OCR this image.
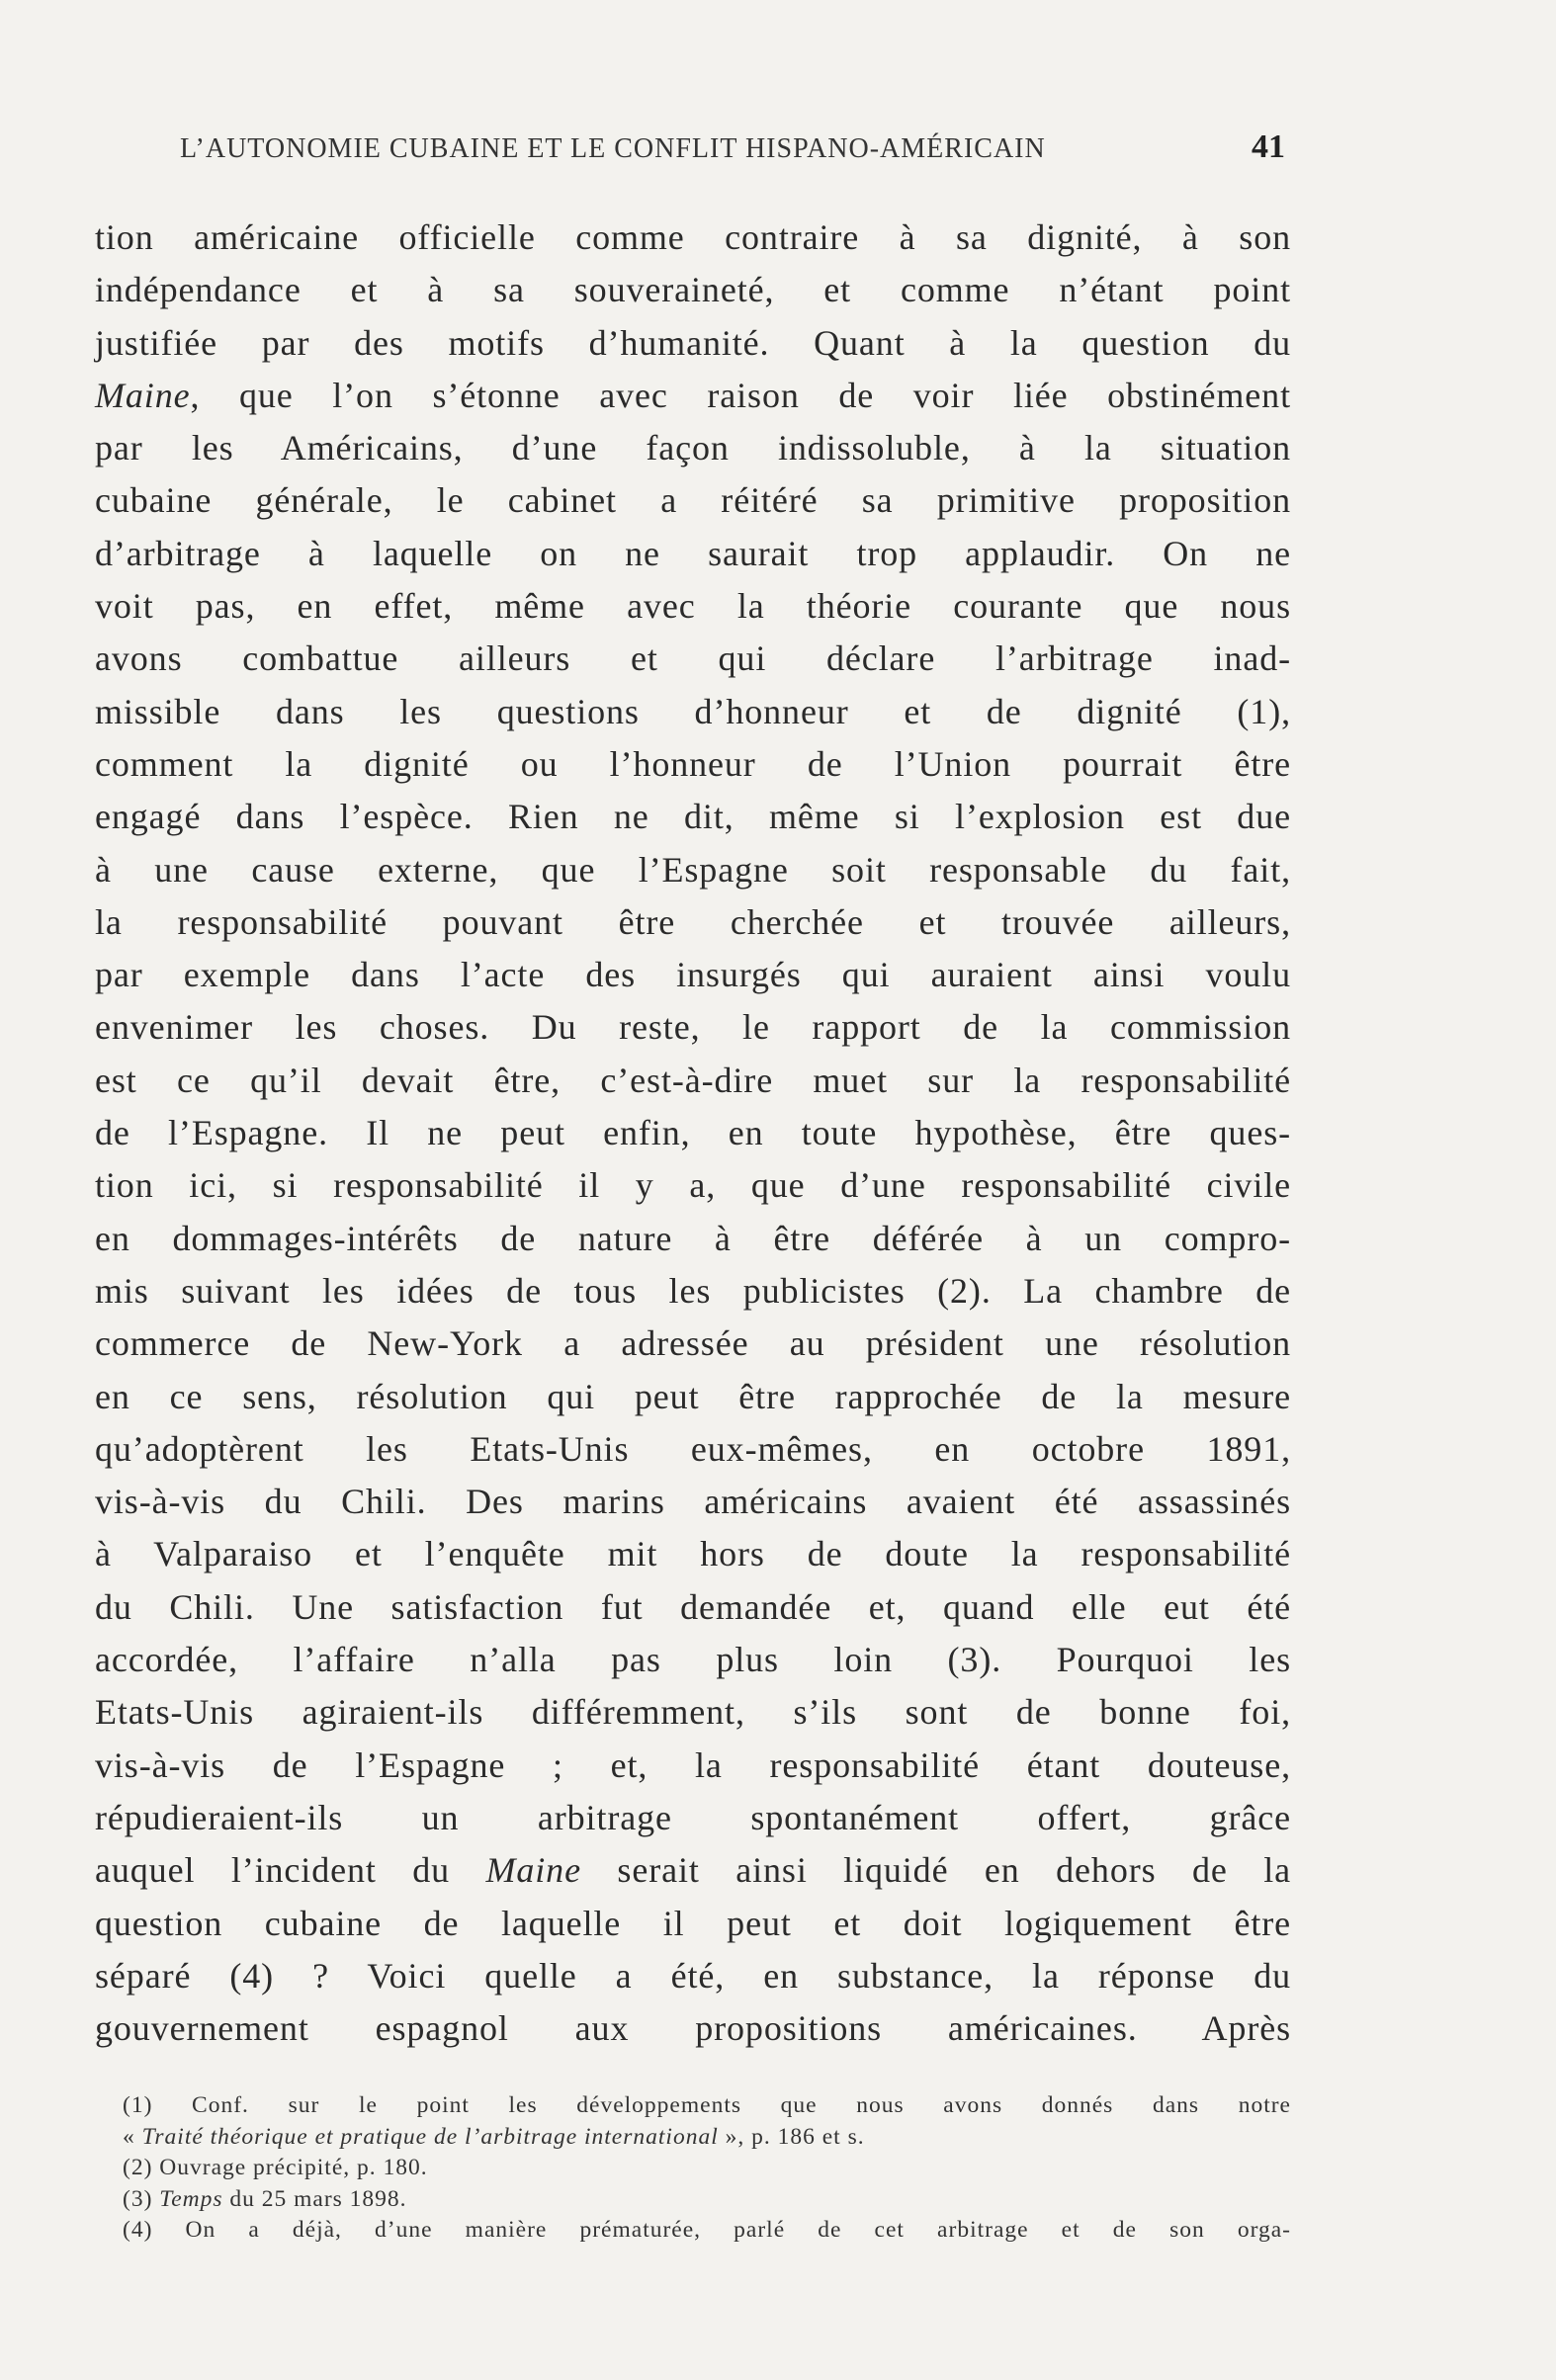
L’AUTONOMIE CUBAINE ET LE CONFLIT HISPANO-AMÉRICAIN	41
tion américaine officielle comme contraire à sa dignité, à son
indépendance et à sa souveraineté, et comme n’étant point
justifiée par des motifs d’humanité. Quant à la question du
Maine, que l’on s’étonne avec raison de voir liée obstinément
par les Américains, d’une façon indissoluble, à la situation
cubaine générale, le cabinet a réitéré sa primitive proposition
d’arbitrage à laquelle on ne saurait trop applaudir. On ne
voit pas, en effet, même avec la théorie courante que nous
avons combattue ailleurs et qui déclare l’arbitrage inad-
missible dans les questions d’honneur et de dignité (1),
comment la dignité ou l’honneur de l’Union pourrait être
engagé dans l’espèce. Rien ne dit, même si l’explosion est due
à une cause externe, que l’Espagne soit responsable du fait,
la responsabilité pouvant être cherchée et trouvée ailleurs,
par exemple dans l’acte des insurgés qui auraient ainsi voulu
envenimer les choses. Du reste, le rapport de la commission
est ce qu’il devait être, c’est-à-dire muet sur la responsabilité
de l’Espagne. Il ne peut enfin, en toute hypothèse, être ques-
tion ici, si responsabilité il y a, que d’une responsabilité civile
en dommages-intérêts de nature à être déférée à un compro-
mis suivant les idées de tous les publicistes (2). La chambre de
commerce de New-York a adressée au président une résolution
en ce sens, résolution qui peut être rapprochée de la mesure
qu’adoptèrent les Etats-Unis eux-mêmes, en octobre 1891,
vis-à-vis du Chili. Des marins américains avaient été assassinés
à Valparaiso et l’enquête mit hors de doute la responsabilité
du Chili. Une satisfaction fut demandée et, quand elle eut été
accordée, l’affaire n’alla pas plus loin (3). Pourquoi les
Etats-Unis agiraient-ils différemment, s’ils sont de bonne foi,
vis-à-vis de l’Espagne ; et, la responsabilité étant douteuse,
répudieraient-ils un arbitrage spontanément offert, grâce
auquel l’incident du Maine serait ainsi liquidé en dehors de la
question cubaine de laquelle il peut et doit logiquement être
séparé (4) ? Voici quelle a été, en substance, la réponse du
gouvernement espagnol aux propositions américaines. Après
(1) Conf. sur le point les développements que nous avons donnés dans notre
« Traité théorique et pratique de l’arbitrage international », p. 186 et s.
(2) Ouvrage précipité, p. 180.
(3) Temps du 25 mars 1898.
(4) On a déjà, d’une manière prématurée, parlé de cet arbitrage et de son orga-
